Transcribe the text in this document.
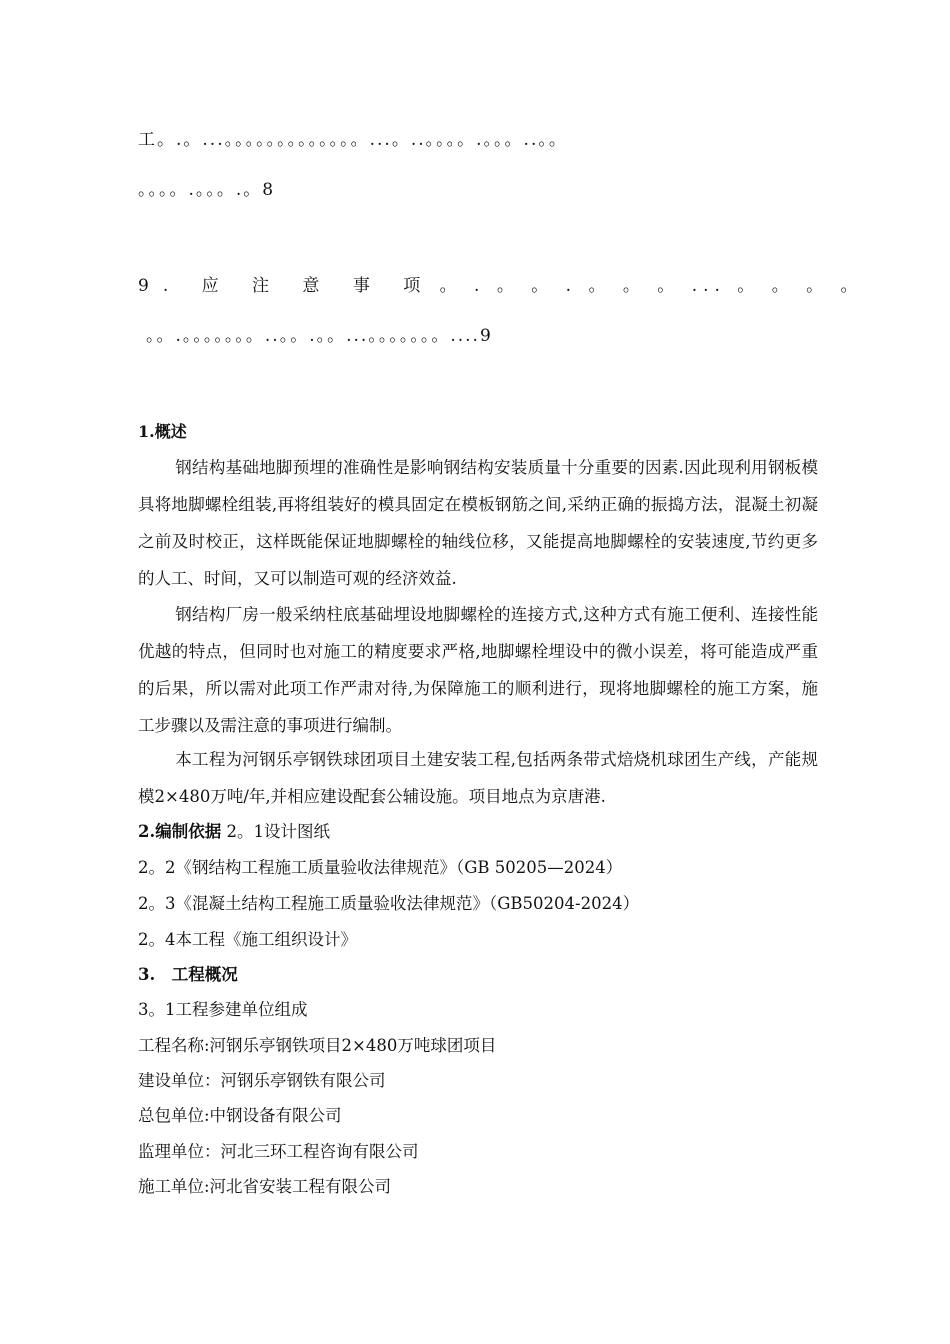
工。.。...。。。。。。。。。。。。。...。..。。。。.。。。..。。
。。。。.。。。.。8
9. 应 注 意 事 项 。 . 。 。 . 。 。 。 ... 。 。 。 。
。。.。。。。。。。..。。.。。...。。。。。。。....9
1.概述
钢结构基础地脚预埋的准确性是影响钢结构安装质量十分重要的因素.因此现利用钢板模具将地脚螺栓组装,再将组装好的模具固定在模板钢筋之间,采纳正确的振捣方法，混凝土初凝之前及时校正，这样既能保证地脚螺栓的轴线位移，又能提高地脚螺栓的安装速度,节约更多的人工、时间，又可以制造可观的经济效益.
钢结构厂房一般采纳柱底基础埋设地脚螺栓的连接方式,这种方式有施工便利、连接性能优越的特点，但同时也对施工的精度要求严格,地脚螺栓埋设中的微小误差，将可能造成严重的后果，所以需对此项工作严肃对待,为保障施工的顺利进行，现将地脚螺栓的施工方案，施工步骤以及需注意的事项进行编制。
本工程为河钢乐亭钢铁球团项目土建安装工程,包括两条带式焙烧机球团生产线，产能规模2×480万吨/年,并相应建设配套公辅设施。项目地点为京唐港.
2.编制依据 2。1设计图纸
2。2《钢结构工程施工质量验收法律规范》（GB 50205—2024）
2。3《混凝土结构工程施工质量验收法律规范》（GB50204-2024）
2。4本工程《施工组织设计》
3.　工程概况
3。1工程参建单位组成
工程名称:河钢乐亭钢铁项目2×480万吨球团项目
建设单位：河钢乐亭钢铁有限公司
总包单位:中钢设备有限公司
监理单位：河北三环工程咨询有限公司
施工单位:河北省安装工程有限公司
